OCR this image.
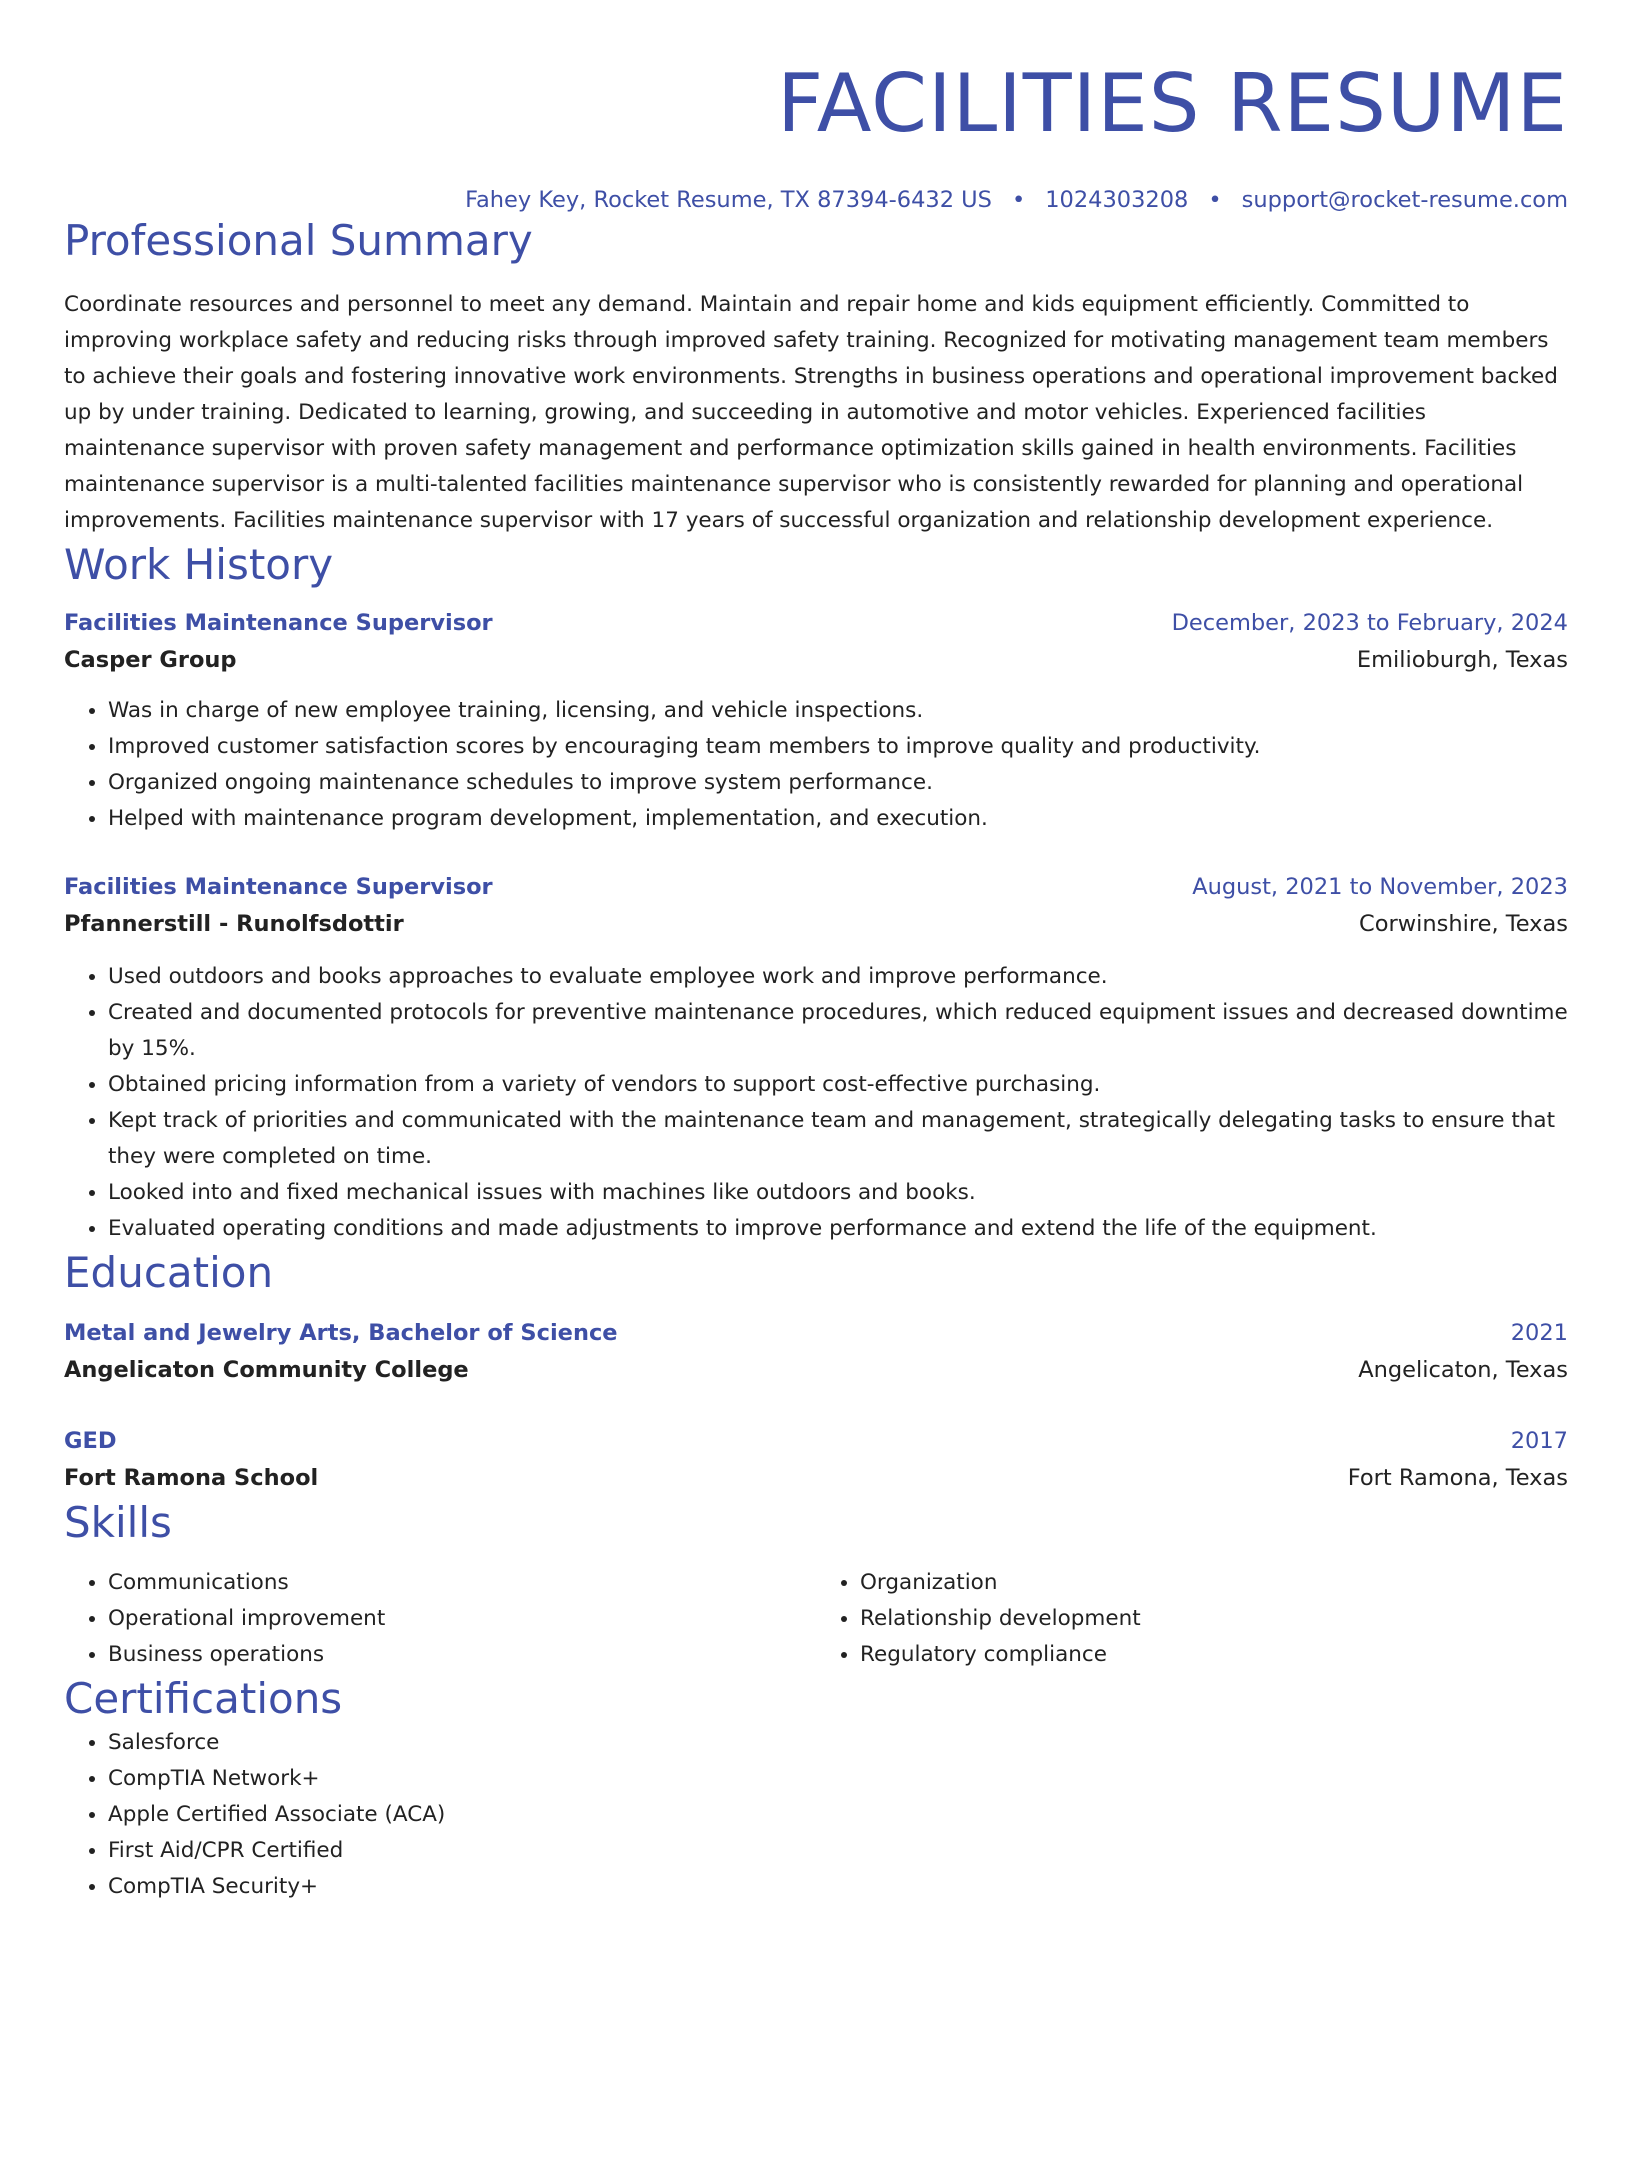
FACILITIES RESUME
Fahey Key, Rocket Resume, TX 87394-6432 US • 1024303208 • support@rocket-resume.com
Professional Summary
Coordinate resources and personnel to meet any demand. Maintain and repair home and kids equipment efficiently. Committed to improving workplace safety and reducing risks through improved safety training. Recognized for motivating management team members to achieve their goals and fostering innovative work environments. Strengths in business operations and operational improvement backed up by under training. Dedicated to learning, growing, and succeeding in automotive and motor vehicles. Experienced facilities maintenance supervisor with proven safety management and performance optimization skills gained in health environments. Facilities maintenance supervisor is a multi-talented facilities maintenance supervisor who is consistently rewarded for planning and operational improvements. Facilities maintenance supervisor with 17 years of successful organization and relationship development experience.
Work History
Facilities Maintenance Supervisor	December, 2023 to February, 2024
Casper Group	Emilioburgh, Texas
• Was in charge of new employee training, licensing, and vehicle inspections.
• Improved customer satisfaction scores by encouraging team members to improve quality and productivity.
• Organized ongoing maintenance schedules to improve system performance.
• Helped with maintenance program development, implementation, and execution.
Facilities Maintenance Supervisor	August, 2021 to November, 2023
Pfannerstill - Runolfsdottir	Corwinshire, Texas
• Used outdoors and books approaches to evaluate employee work and improve performance.
• Created and documented protocols for preventive maintenance procedures, which reduced equipment issues and decreased downtime by 15%.
• Obtained pricing information from a variety of vendors to support cost-effective purchasing.
• Kept track of priorities and communicated with the maintenance team and management, strategically delegating tasks to ensure that they were completed on time.
• Looked into and fixed mechanical issues with machines like outdoors and books.
• Evaluated operating conditions and made adjustments to improve performance and extend the life of the equipment.
Education
Metal and Jewelry Arts, Bachelor of Science	2021
Angelicaton Community College	Angelicaton, Texas
GED	2017
Fort Ramona School	Fort Ramona, Texas
Skills
• Communications
• Operational improvement
• Business operations
• Organization
• Relationship development
• Regulatory compliance
Certifications
• Salesforce
• CompTIA Network+
• Apple Certified Associate (ACA)
• First Aid/CPR Certified
• CompTIA Security+
